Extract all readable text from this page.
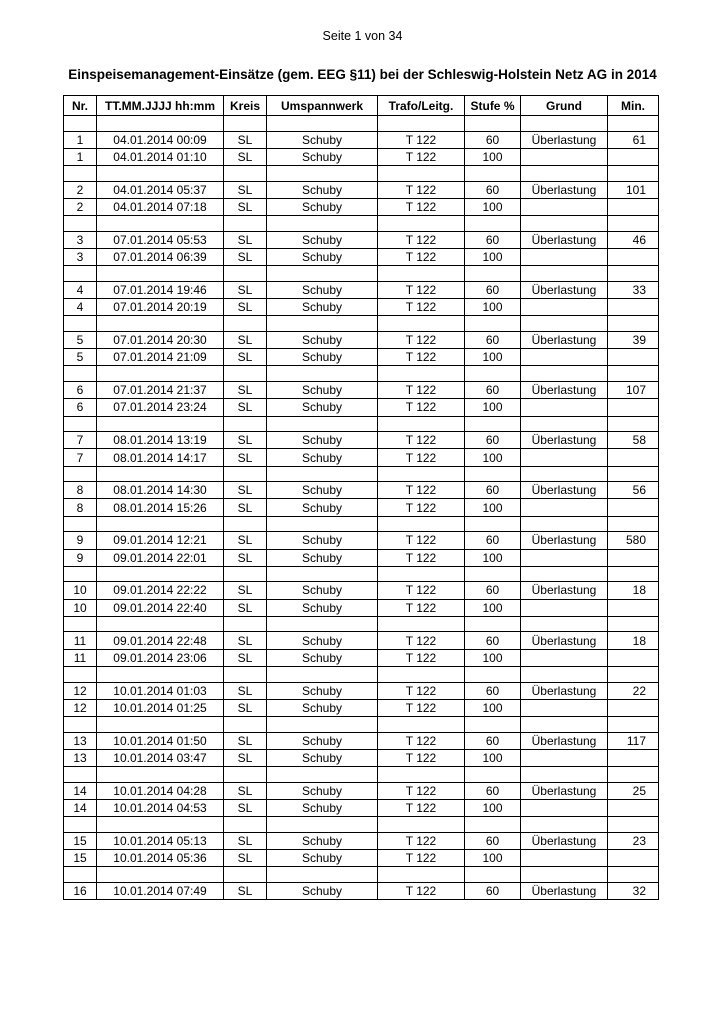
Seite 1 von 34
Einspeisemanagement-Einsätze (gem. EEG §11) bei der Schleswig-Holstein Netz AG in 2014
Nr.	TT.MM.JJJJ hh:mm	Kreis	Umspannwerk	Trafo/Leitg.	Stufe %	Grund	Min.

1	04.01.2014 00:09	SL	Schuby	T 122	60	Überlastung	61
1	04.01.2014 01:10	SL	Schuby	T 122	100		

2	04.01.2014 05:37	SL	Schuby	T 122	60	Überlastung	101
2	04.01.2014 07:18	SL	Schuby	T 122	100		

3	07.01.2014 05:53	SL	Schuby	T 122	60	Überlastung	46
3	07.01.2014 06:39	SL	Schuby	T 122	100		

4	07.01.2014 19:46	SL	Schuby	T 122	60	Überlastung	33
4	07.01.2014 20:19	SL	Schuby	T 122	100		

5	07.01.2014 20:30	SL	Schuby	T 122	60	Überlastung	39
5	07.01.2014 21:09	SL	Schuby	T 122	100		

6	07.01.2014 21:37	SL	Schuby	T 122	60	Überlastung	107
6	07.01.2014 23:24	SL	Schuby	T 122	100		

7	08.01.2014 13:19	SL	Schuby	T 122	60	Überlastung	58
7	08.01.2014 14:17	SL	Schuby	T 122	100		

8	08.01.2014 14:30	SL	Schuby	T 122	60	Überlastung	56
8	08.01.2014 15:26	SL	Schuby	T 122	100		

9	09.01.2014 12:21	SL	Schuby	T 122	60	Überlastung	580
9	09.01.2014 22:01	SL	Schuby	T 122	100		

10	09.01.2014 22:22	SL	Schuby	T 122	60	Überlastung	18
10	09.01.2014 22:40	SL	Schuby	T 122	100		

11	09.01.2014 22:48	SL	Schuby	T 122	60	Überlastung	18
11	09.01.2014 23:06	SL	Schuby	T 122	100		

12	10.01.2014 01:03	SL	Schuby	T 122	60	Überlastung	22
12	10.01.2014 01:25	SL	Schuby	T 122	100		

13	10.01.2014 01:50	SL	Schuby	T 122	60	Überlastung	117
13	10.01.2014 03:47	SL	Schuby	T 122	100		

14	10.01.2014 04:28	SL	Schuby	T 122	60	Überlastung	25
14	10.01.2014 04:53	SL	Schuby	T 122	100		

15	10.01.2014 05:13	SL	Schuby	T 122	60	Überlastung	23
15	10.01.2014 05:36	SL	Schuby	T 122	100		

16	10.01.2014 07:49	SL	Schuby	T 122	60	Überlastung	32
